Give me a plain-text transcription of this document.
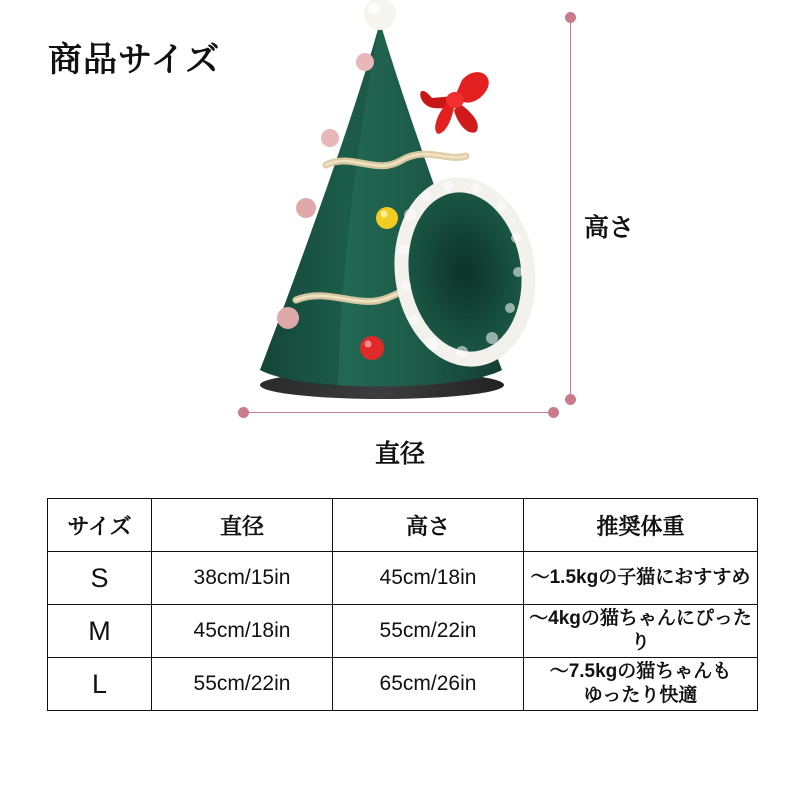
商品サイズ
高さ
直径
サイズ	直径	高さ	推奨体重
S	38cm/15in	45cm/18in	〜1.5kgの子猫におすすめ
M	45cm/18in	55cm/22in	〜4kgの猫ちゃんにぴったり
L	55cm/22in	65cm/26in	〜7.5kgの猫ちゃんも
ゆったり快適
